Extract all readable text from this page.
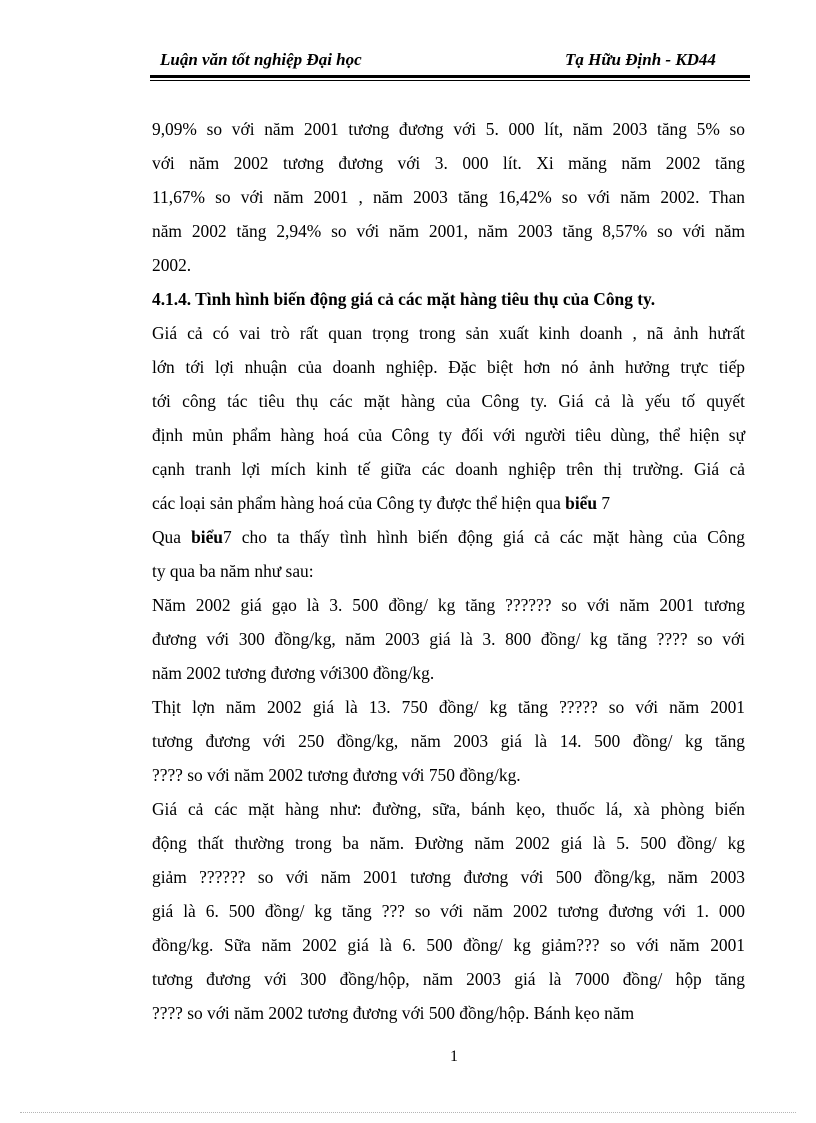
Luận văn tốt nghiệp Đại học	Tạ Hữu Định - KD44
9,09% so với năm 2001 tương đương với 5. 000 lít, năm 2003 tăng 5% so
với năm 2002 tương đương với 3. 000 lít. Xi măng năm 2002 tăng
11,67% so với năm 2001 , năm 2003 tăng 16,42% so với năm 2002. Than
năm 2002 tăng 2,94% so với năm 2001, năm 2003 tăng 8,57% so với năm
2002.
4.1.4. Tình hình biến động giá cả các mặt hàng tiêu thụ của Công ty.
Giá cả có vai trò rất quan trọng trong sản xuất kinh doanh , nã ảnh hưrất
lớn tới lợi nhuận của doanh nghiệp. Đặc biệt hơn nó ảnh hưởng trực tiếp
tới công tác tiêu thụ các mặt hàng của Công ty. Giá cả là yếu tố quyết
định mủn phẩm hàng hoá của Công ty đối với người tiêu dùng, thể hiện sự
cạnh tranh lợi mích kinh tế giữa các doanh nghiệp trên thị trường. Giá cả
các loại sản phẩm hàng hoá của Công ty được thể hiện qua biểu 7
Qua biểu7 cho ta thấy tình hình biến động giá cả các mặt hàng của Công
ty qua ba năm như sau:
Năm 2002 giá gạo là 3. 500 đồng/ kg tăng ?????? so với năm 2001 tương
đương với 300 đồng/kg, năm 2003 giá là 3. 800 đồng/ kg tăng ???? so với
năm 2002 tương đương với300 đồng/kg.
Thịt lợn năm 2002 giá là 13. 750 đồng/ kg tăng ????? so với năm 2001
tương đương với 250 đồng/kg, năm 2003 giá là 14. 500 đồng/ kg tăng
???? so với năm 2002 tương đương với 750 đồng/kg.
Giá cả các mặt hàng như: đường, sữa, bánh kẹo, thuốc lá, xà phòng biến
động thất thường trong ba năm. Đường năm 2002 giá là 5. 500 đồng/ kg
giảm ?????? so với năm 2001 tương đương với 500 đồng/kg, năm 2003
giá là 6. 500 đồng/ kg tăng ??? so với năm 2002 tương đương với 1. 000
đồng/kg. Sữa năm 2002 giá là 6. 500 đồng/ kg giảm??? so với năm 2001
tương đương với 300 đồng/hộp, năm 2003 giá là 7000 đồng/ hộp tăng
???? so với năm 2002 tương đương với 500 đồng/hộp. Bánh kẹo năm
1
